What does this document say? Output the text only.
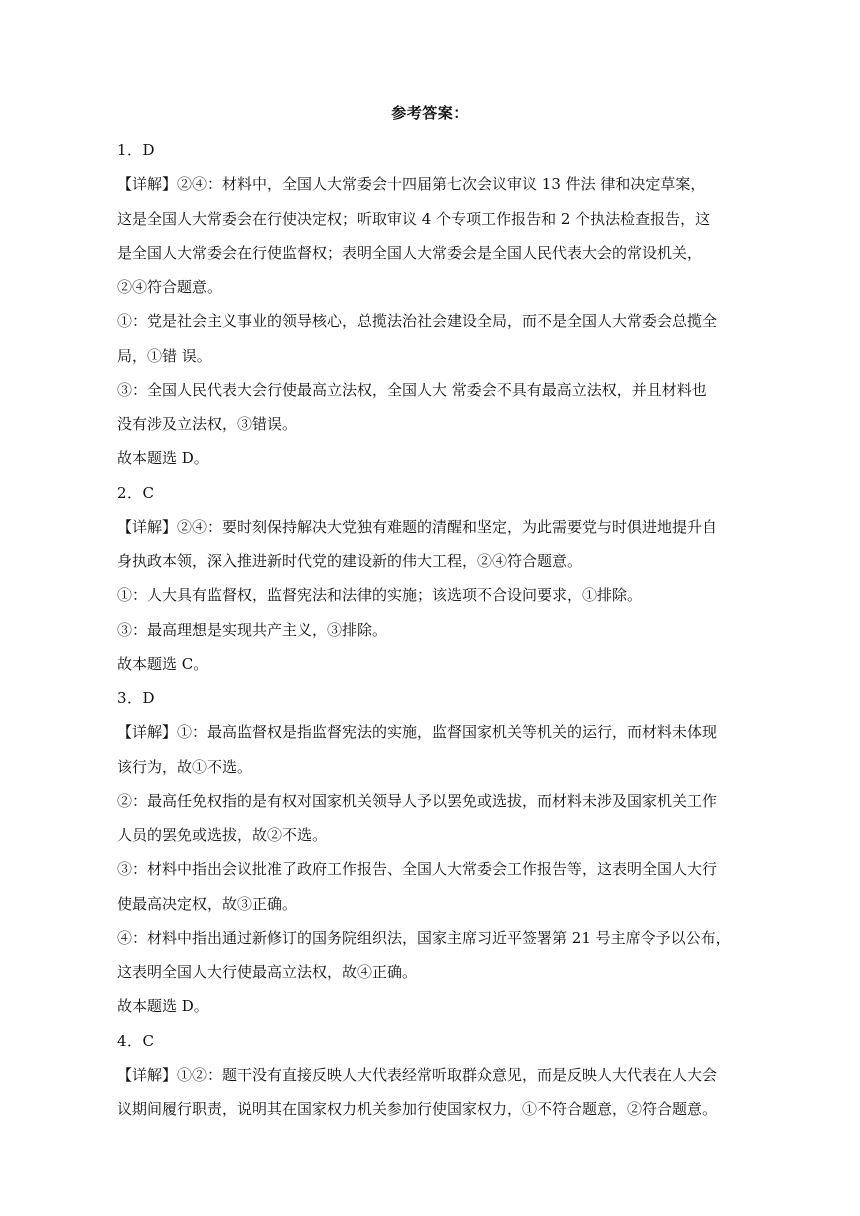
参考答案：
1．D
【详解】②④：材料中，全国人大常委会十四届第七次会议审议 13 件法 律和决定草案，
这是全国人大常委会在行使决定权；听取审议 4 个专项工作报告和 2 个执法检查报告，这
是全国人大常委会在行使监督权；表明全国人大常委会是全国人民代表大会的常设机关，
②④符合题意。
①：党是社会主义事业的领导核心，总揽法治社会建设全局，而不是全国人大常委会总揽全
局，①错 误。
③：全国人民代表大会行使最高立法权，全国人大 常委会不具有最高立法权，并且材料也
没有涉及立法权，③错误。
故本题选 D。
2．C
【详解】②④：要时刻保持解决大党独有难题的清醒和坚定，为此需要党与时俱进地提升自
身执政本领，深入推进新时代党的建设新的伟大工程，②④符合题意。
①：人大具有监督权，监督宪法和法律的实施；该选项不合设问要求，①排除。
③：最高理想是实现共产主义，③排除。
故本题选 C。
3．D
【详解】①：最高监督权是指监督宪法的实施，监督国家机关等机关的运行，而材料未体现
该行为，故①不选。
②：最高任免权指的是有权对国家机关领导人予以罢免或选拔，而材料未涉及国家机关工作
人员的罢免或选拔，故②不选。
③：材料中指出会议批准了政府工作报告、全国人大常委会工作报告等，这表明全国人大行
使最高决定权，故③正确。
④：材料中指出通过新修订的国务院组织法，国家主席习近平签署第 21 号主席令予以公布，
这表明全国人大行使最高立法权，故④正确。
故本题选 D。
4．C
【详解】①②：题干没有直接反映人大代表经常听取群众意见，而是反映人大代表在人大会
议期间履行职责，说明其在国家权力机关参加行使国家权力，①不符合题意，②符合题意。
